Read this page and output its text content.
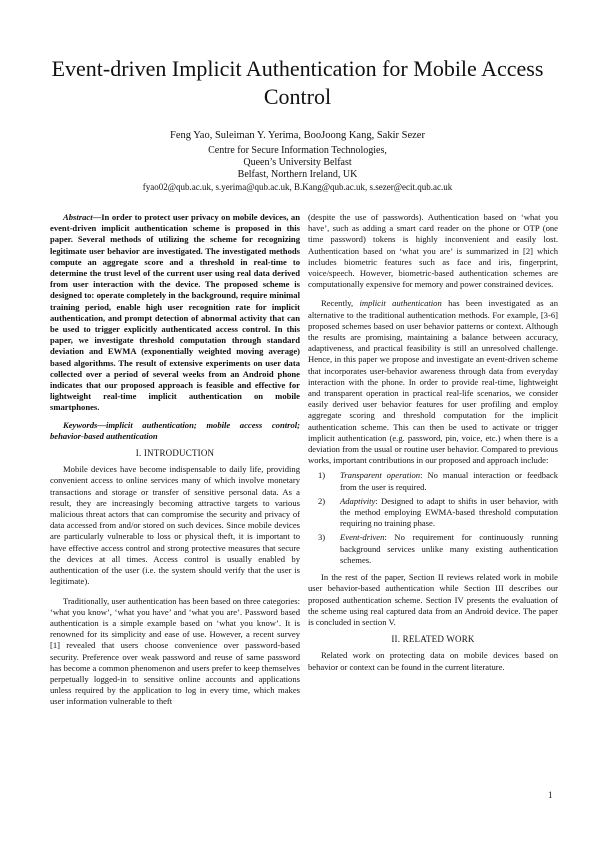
Event-driven Implicit Authentication for Mobile Access Control
Feng Yao, Suleiman Y. Yerima, BooJoong Kang, Sakir Sezer
Centre for Secure Information Technologies,
Queen’s University Belfast
Belfast, Northern Ireland, UK
fyao02@qub.ac.uk, s.yerima@qub.ac.uk, B.Kang@qub.ac.uk, s.sezer@ecit.qub.ac.uk

Abstract—In order to protect user privacy on mobile devices, an event-driven implicit authentication scheme is proposed in this paper. Several methods of utilizing the scheme for recognizing legitimate user behavior are investigated. The investigated methods compute an aggregate score and a threshold in real-time to determine the trust level of the current user using real data derived from user interaction with the device. The proposed scheme is designed to: operate completely in the background, require minimal training period, enable high user recognition rate for implicit authentication, and prompt detection of abnormal activity that can be used to trigger explicitly authenticated access control. In this paper, we investigate threshold computation through standard deviation and EWMA (exponentially weighted moving average) based algorithms. The result of extensive experiments on user data collected over a period of several weeks from an Android phone indicates that our proposed approach is feasible and effective for lightweight real-time implicit authentication on mobile smartphones.

Keywords—implicit authentication; mobile access control; behavior-based authentication

I. INTRODUCTION

Mobile devices have become indispensable to daily life, providing convenient access to online services many of which involve monetary transactions and storage or transfer of sensitive personal data. As a result, they are increasingly becoming attractive targets to various malicious threat actors that can compromise the security and privacy of data accessed from and/or stored on such devices. Since mobile devices are particularly vulnerable to loss or physical theft, it is important to have effective access control and strong protective measures that secure the devices at all times. Access control is usually enabled by authentication of the user (i.e. the system should verify that the user is legitimate).

Traditionally, user authentication has been based on three categories: ‘what you know’, ‘what you have’ and ‘what you are’. Password based authentication is a simple example based on ‘what you know’. It is renowned for its simplicity and ease of use. However, a recent survey [1] revealed that users choose convenience over password-based security. Preference over weak password and reuse of same password has become a common phenomenon and users prefer to keep themselves perpetually logged-in to sensitive online accounts and applications unless required by the application to log in every time, which makes user information vulnerable to theft

(despite the use of passwords). Authentication based on ‘what you have’, such as adding a smart card reader on the phone or OTP (one time password) tokens is highly inconvenient and easily lost. Authentication based on ‘what you are’ is summarized in [2] which includes biometric features such as face and iris, fingerprint, voice/speech. However, biometric-based authentication schemes are computationally expensive for memory and power constrained devices.

Recently, implicit authentication has been investigated as an alternative to the traditional authentication methods. For example, [3-6] proposed schemes based on user behavior patterns or context. Although the results are promising, maintaining a balance between accuracy, adaptiveness, and practical feasibility is still an unresolved challenge. Hence, in this paper we propose and investigate an event-driven scheme that incorporates user-behavior awareness through data from everyday interaction with the phone. In order to provide real-time, lightweight and transparent operation in practical real-life scenarios, we consider easily derived user behavior features for user profiling and employ aggregate scoring and threshold computation for the implicit authentication scheme. This can then be used to activate or trigger implicit authentication (e.g. password, pin, voice, etc.) when there is a deviation from the usual or routine user behavior. Compared to previous works, important contributions in our proposed and approach include:

1) Transparent operation: No manual interaction or feedback from the user is required.
2) Adaptivity: Designed to adapt to shifts in user behavior, with the method employing EWMA-based threshold computation requiring no training phase.
3) Event-driven: No requirement for continuously running background services unlike many existing authentication schemes.

In the rest of the paper, Section II reviews related work in mobile user behavior-based authentication while Section III describes our proposed authentication scheme. Section IV presents the evaluation of the scheme using real captured data from an Android device. The paper is concluded in section V.

II. RELATED WORK

Related work on protecting data on mobile devices based on behavior or context can be found in the current literature.

1
